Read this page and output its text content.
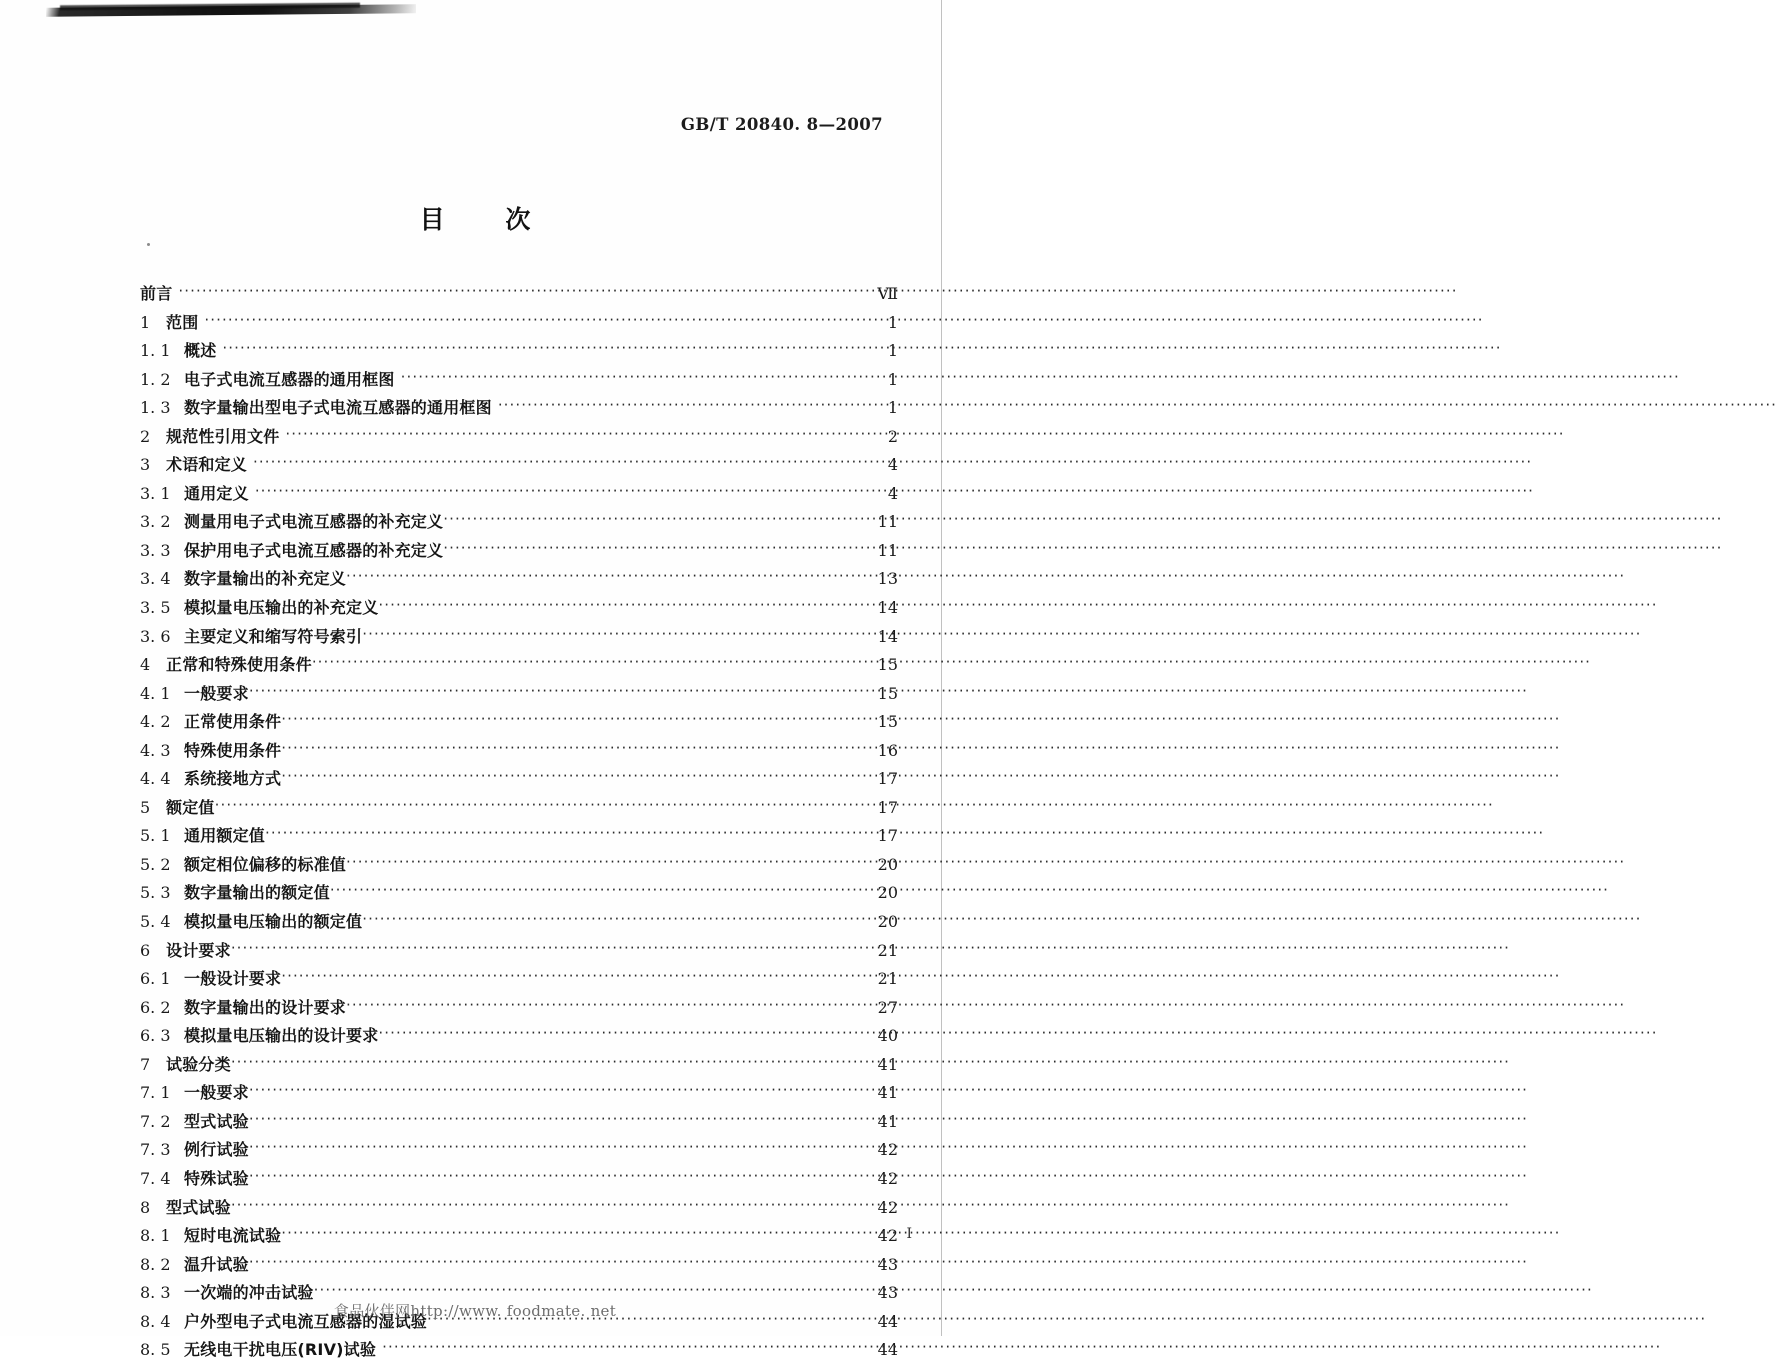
GB/T 20840. 8—2007
目 次
前言 ·····	Ⅶ
1 范围 ·····	1
1. 1 概述 ·····	1
1. 2 电子式电流互感器的通用框图 ·····	1
1. 3 数字量输出型电子式电流互感器的通用框图 ·····	1
2 规范性引用文件 ·····	2
3 术语和定义 ·····	4
3. 1 通用定义 ·····	4
3. 2 测量用电子式电流互感器的补充定义 ·····	11
3. 3 保护用电子式电流互感器的补充定义 ·····	11
3. 4 数字量输出的补充定义 ·····	13
3. 5 模拟量电压输出的补充定义 ·····	14
3. 6 主要定义和缩写符号索引 ·····	14
4 正常和特殊使用条件 ·····	15
4. 1 一般要求 ·····	15
4. 2 正常使用条件 ·····	15
4. 3 特殊使用条件 ·····	16
4. 4 系统接地方式 ·····	17
5 额定值 ·····	17
5. 1 通用额定值 ·····	17
5. 2 额定相位偏移的标准值 ·····	20
5. 3 数字量输出的额定值 ·····	20
5. 4 模拟量电压输出的额定值 ·····	20
6 设计要求 ·····	21
6. 1 一般设计要求 ·····	21
6. 2 数字量输出的设计要求 ·····	27
6. 3 模拟量电压输出的设计要求 ·····	40
7 试验分类 ·····	41
7. 1 一般要求 ·····	41
7. 2 型式试验 ·····	41
7. 3 例行试验 ·····	42
7. 4 特殊试验 ·····	42
8 型式试验 ·····	42
8. 1 短时电流试验 ·····	42
8. 2 温升试验 ·····	43
8. 3 一次端的冲击试验 ·····	43
8. 4 户外型电子式电流互感器的湿试验 ·····	44
8. 5 无线电干扰电压(RIV)试验 ·····	44
Ⅰ
食品伙伴网http://www. foodmate. net
